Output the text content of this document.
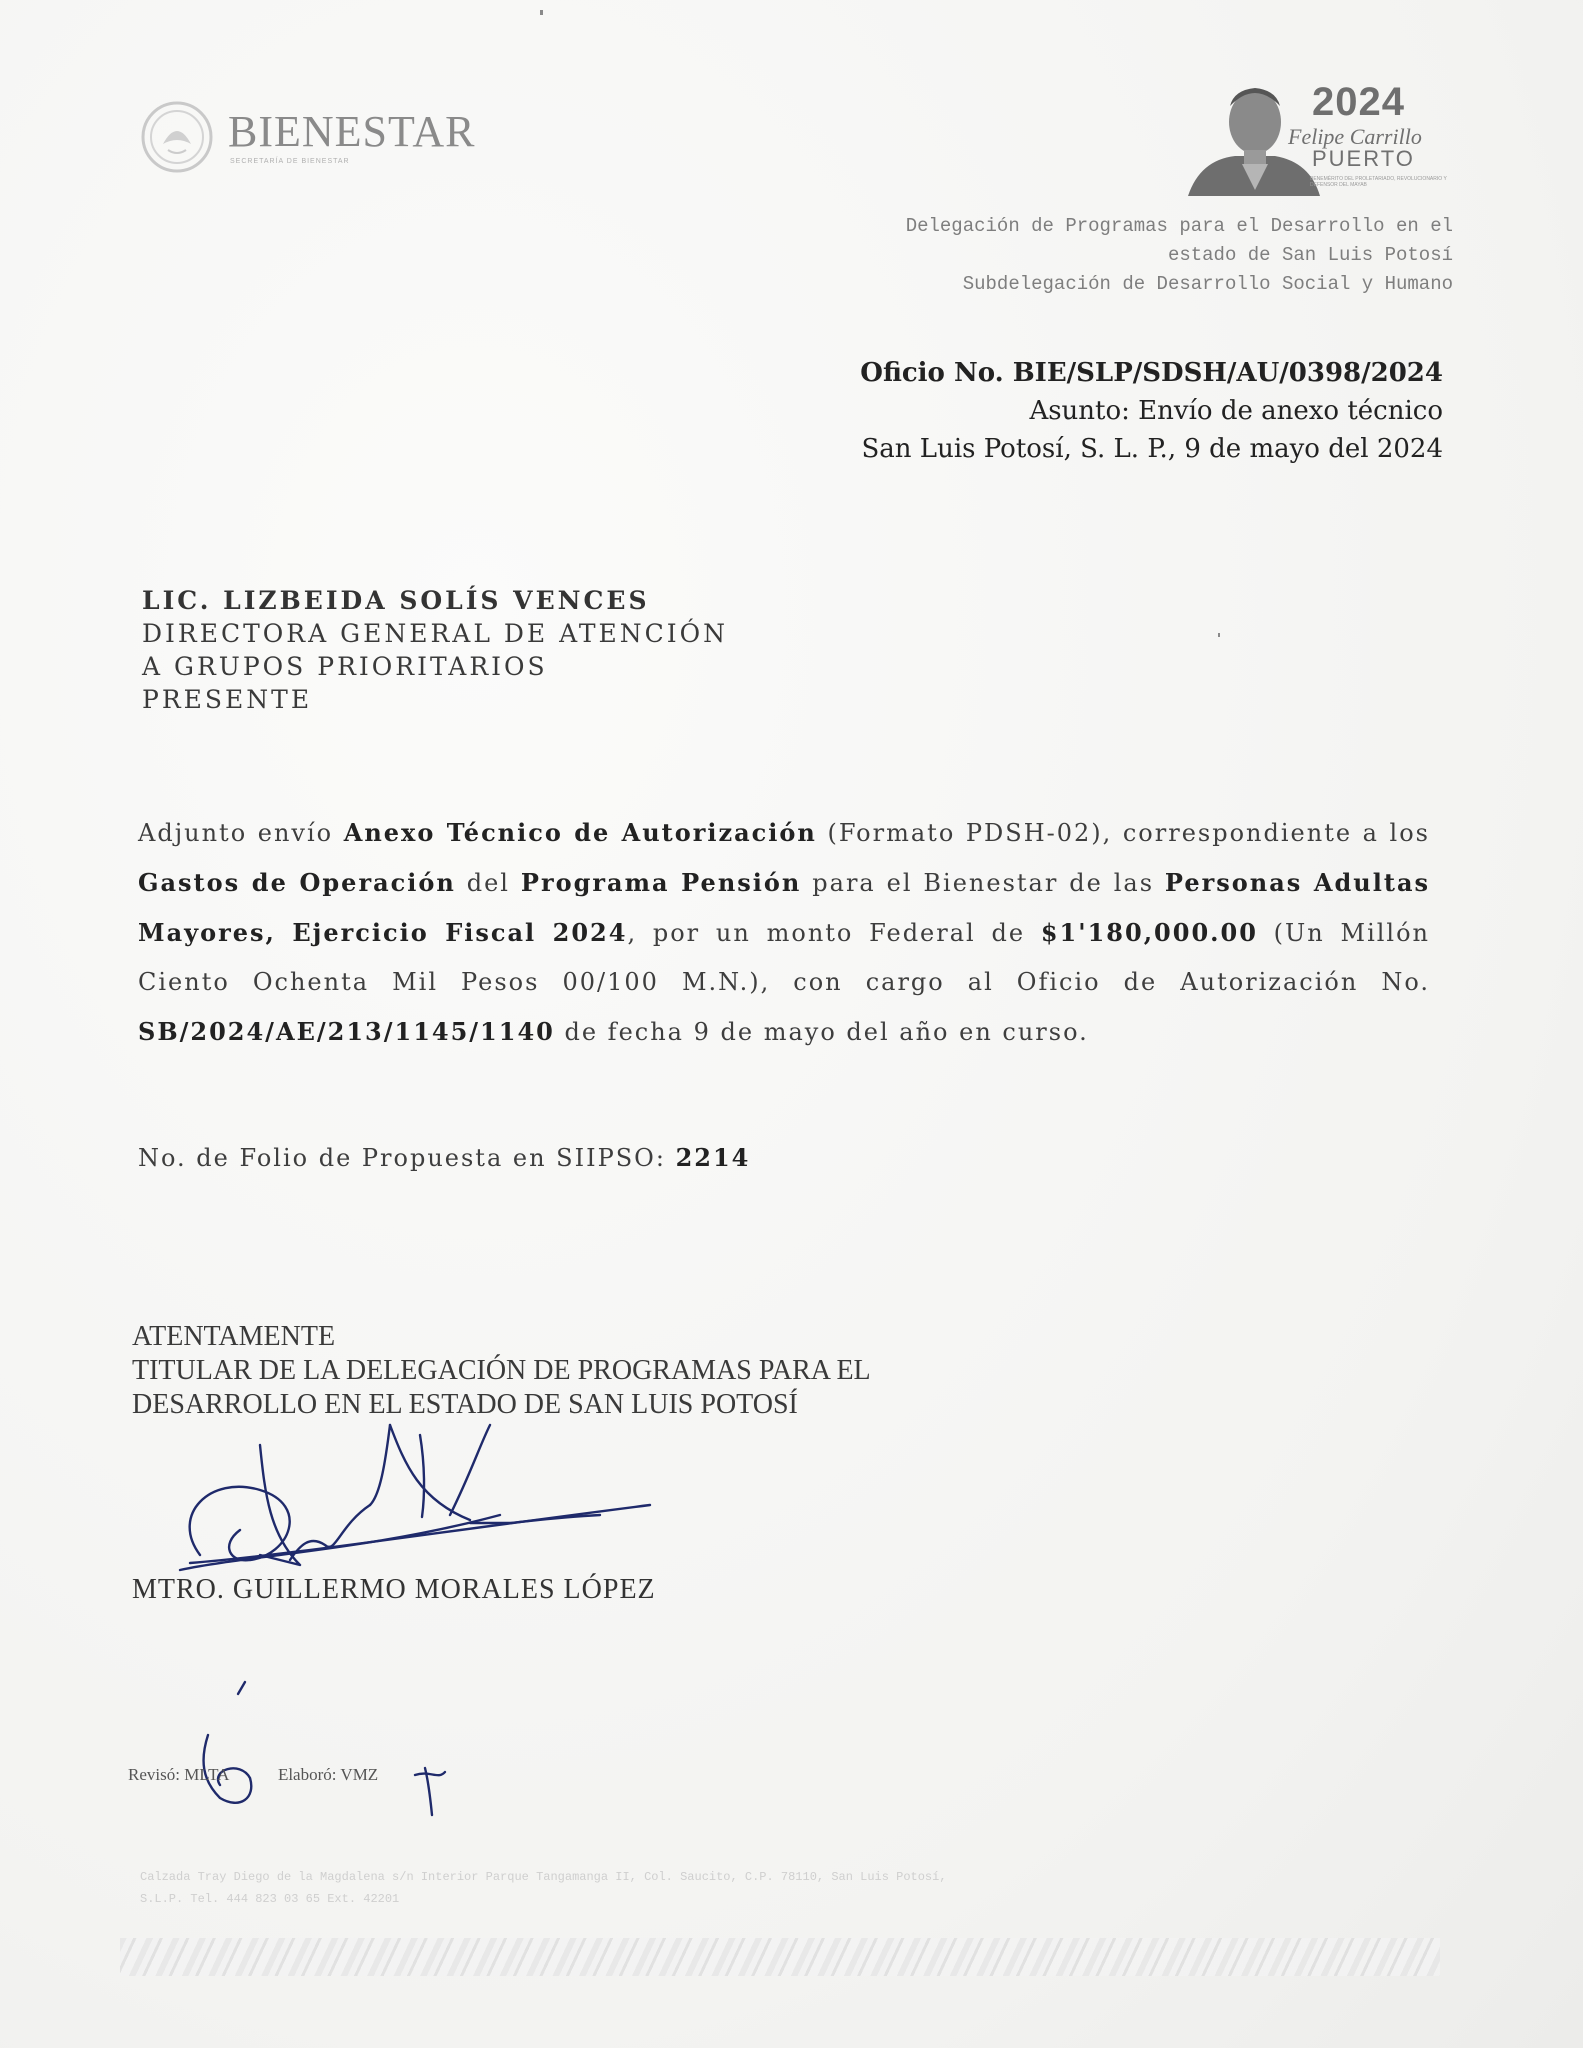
BIENESTAR
SECRETARÍA DE BIENESTAR
2024
Felipe Carrillo
PUERTO
BENEMÉRITO DEL PROLETARIADO, REVOLUCIONARIO Y DEFENSOR DEL MAYAB
Delegación de Programas para el Desarrollo en el
estado de San Luis Potosí
Subdelegación de Desarrollo Social y Humano
Oficio No. BIE/SLP/SDSH/AU/0398/2024
Asunto: Envío de anexo técnico
San Luis Potosí, S. L. P., 9 de mayo del 2024
LIC. LIZBEIDA SOLÍS VENCES
DIRECTORA GENERAL DE ATENCIÓN
A GRUPOS PRIORITARIOS
PRESENTE
Adjunto envío Anexo Técnico de Autorización (Formato PDSH-02), correspondiente a los Gastos de Operación del Programa Pensión para el Bienestar de las Personas Adultas Mayores, Ejercicio Fiscal 2024, por un monto Federal de $1'180,000.00 (Un Millón Ciento Ochenta Mil Pesos 00/100 M.N.), con cargo al Oficio de Autorización No. SB/2024/AE/213/1145/1140 de fecha 9 de mayo del año en curso.
No. de Folio de Propuesta en SIIPSO: 2214
ATENTAMENTE
TITULAR DE LA DELEGACIÓN DE PROGRAMAS PARA EL
DESARROLLO EN EL ESTADO DE SAN LUIS POTOSÍ
MTRO. GUILLERMO MORALES LÓPEZ
Revisó: MLTA	Elaboró: VMZ
Calzada Tray Diego de la Magdalena s/n Interior Parque Tangamanga II, Col. Saucito, C.P. 78110, San Luis Potosí,
S.L.P. Tel. 444 823 03 65 Ext. 42201
